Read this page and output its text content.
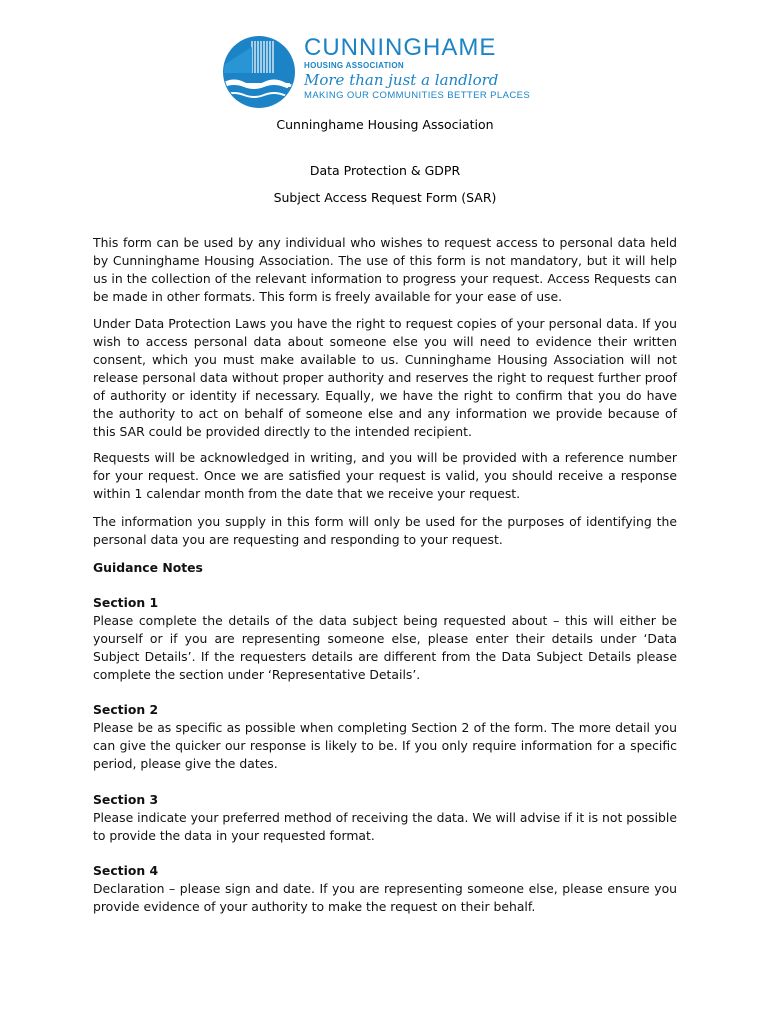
CUNNINGHAME
HOUSING ASSOCIATION
More than just a landlord
MAKING OUR COMMUNITIES BETTER PLACES
Cunninghame Housing Association
Data Protection & GDPR
Subject Access Request Form (SAR)

This form can be used by any individual who wishes to request access to personal data held by Cunninghame Housing Association. The use of this form is not mandatory, but it will help us in the collection of the relevant information to progress your request. Access Requests can be made in other formats. This form is freely available for your ease of use.

Under Data Protection Laws you have the right to request copies of your personal data. If you wish to access personal data about someone else you will need to evidence their written consent, which you must make available to us. Cunninghame Housing Association will not release personal data without proper authority and reserves the right to request further proof of authority or identity if necessary. Equally, we have the right to confirm that you do have the authority to act on behalf of someone else and any information we provide because of this SAR could be provided directly to the intended recipient.

Requests will be acknowledged in writing, and you will be provided with a reference number for your request. Once we are satisfied your request is valid, you should receive a response within 1 calendar month from the date that we receive your request.

The information you supply in this form will only be used for the purposes of identifying the personal data you are requesting and responding to your request.

Guidance Notes
Section 1

Please complete the details of the data subject being requested about – this will either be yourself or if you are representing someone else, please enter their details under ‘Data Subject Details’. If the requesters details are different from the Data Subject Details please complete the section under ‘Representative Details’.

Section 2

Please be as specific as possible when completing Section 2 of the form. The more detail you can give the quicker our response is likely to be. If you only require information for a specific period, please give the dates.

Section 3

Please indicate your preferred method of receiving the data. We will advise if it is not possible to provide the data in your requested format.

Section 4

Declaration – please sign and date. If you are representing someone else, please ensure you provide evidence of your authority to make the request on their behalf.
